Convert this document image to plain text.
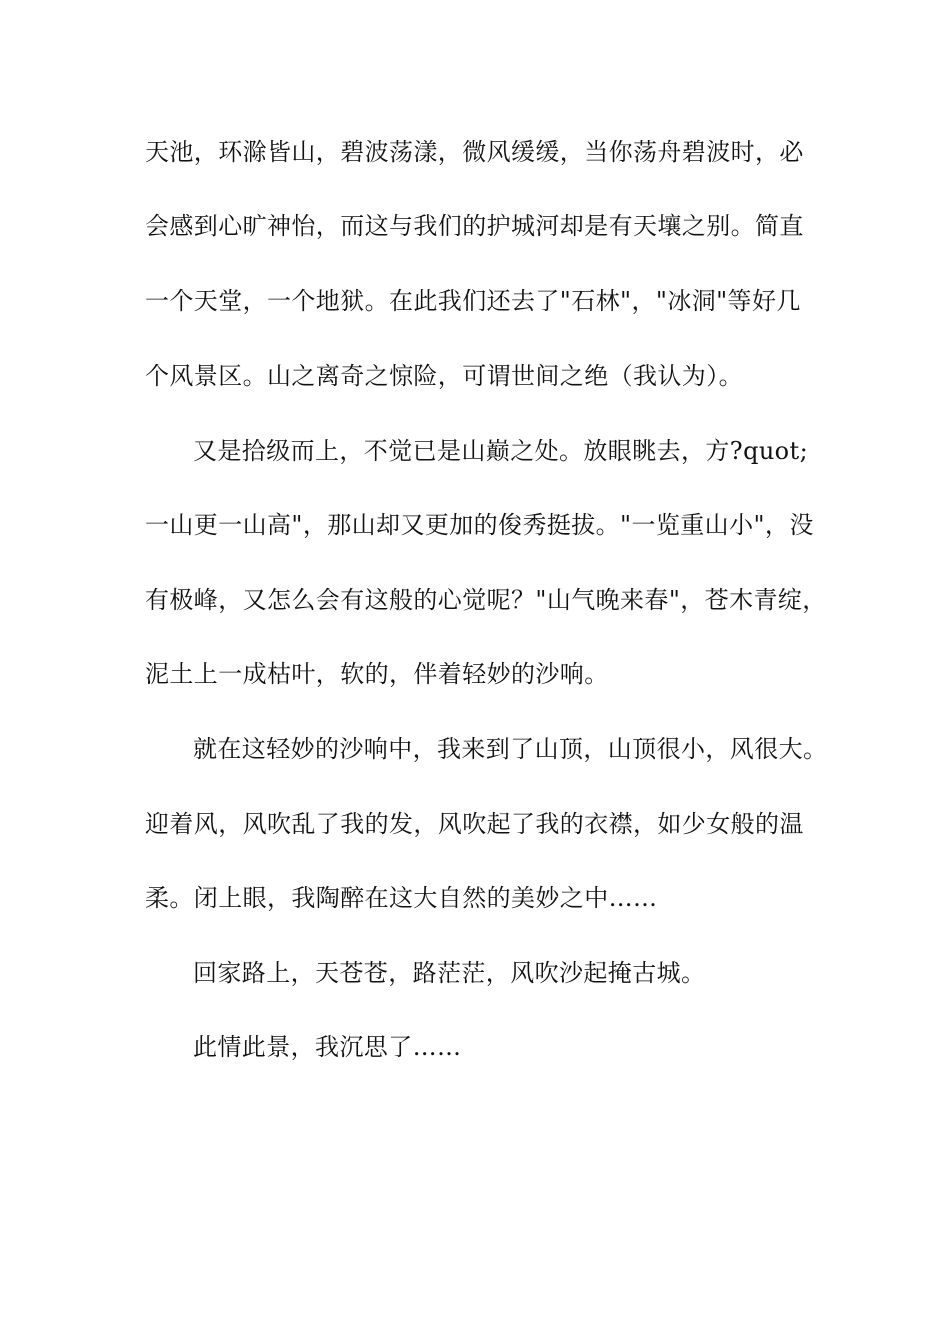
天池，环滁皆山，碧波荡漾，微风缓缓，当你荡舟碧波时，必
会感到心旷神怡，而这与我们的护城河却是有天壤之别。简直
一个天堂，一个地狱。在此我们还去了"石林"，"冰洞"等好几
个风景区。山之离奇之惊险，可谓世间之绝（我认为）。
又是拾级而上，不觉已是山巅之处。放眼眺去，方?quot;
一山更一山高"，那山却又更加的俊秀挺拔。"一览重山小"，没
有极峰，又怎么会有这般的心觉呢？"山气晚来春"，苍木青绽，
泥土上一成枯叶，软的，伴着轻妙的沙响。
就在这轻妙的沙响中，我来到了山顶，山顶很小，风很大。
迎着风，风吹乱了我的发，风吹起了我的衣襟，如少女般的温
柔。闭上眼，我陶醉在这大自然的美妙之中……
回家路上，天苍苍，路茫茫，风吹沙起掩古城。
此情此景，我沉思了……
